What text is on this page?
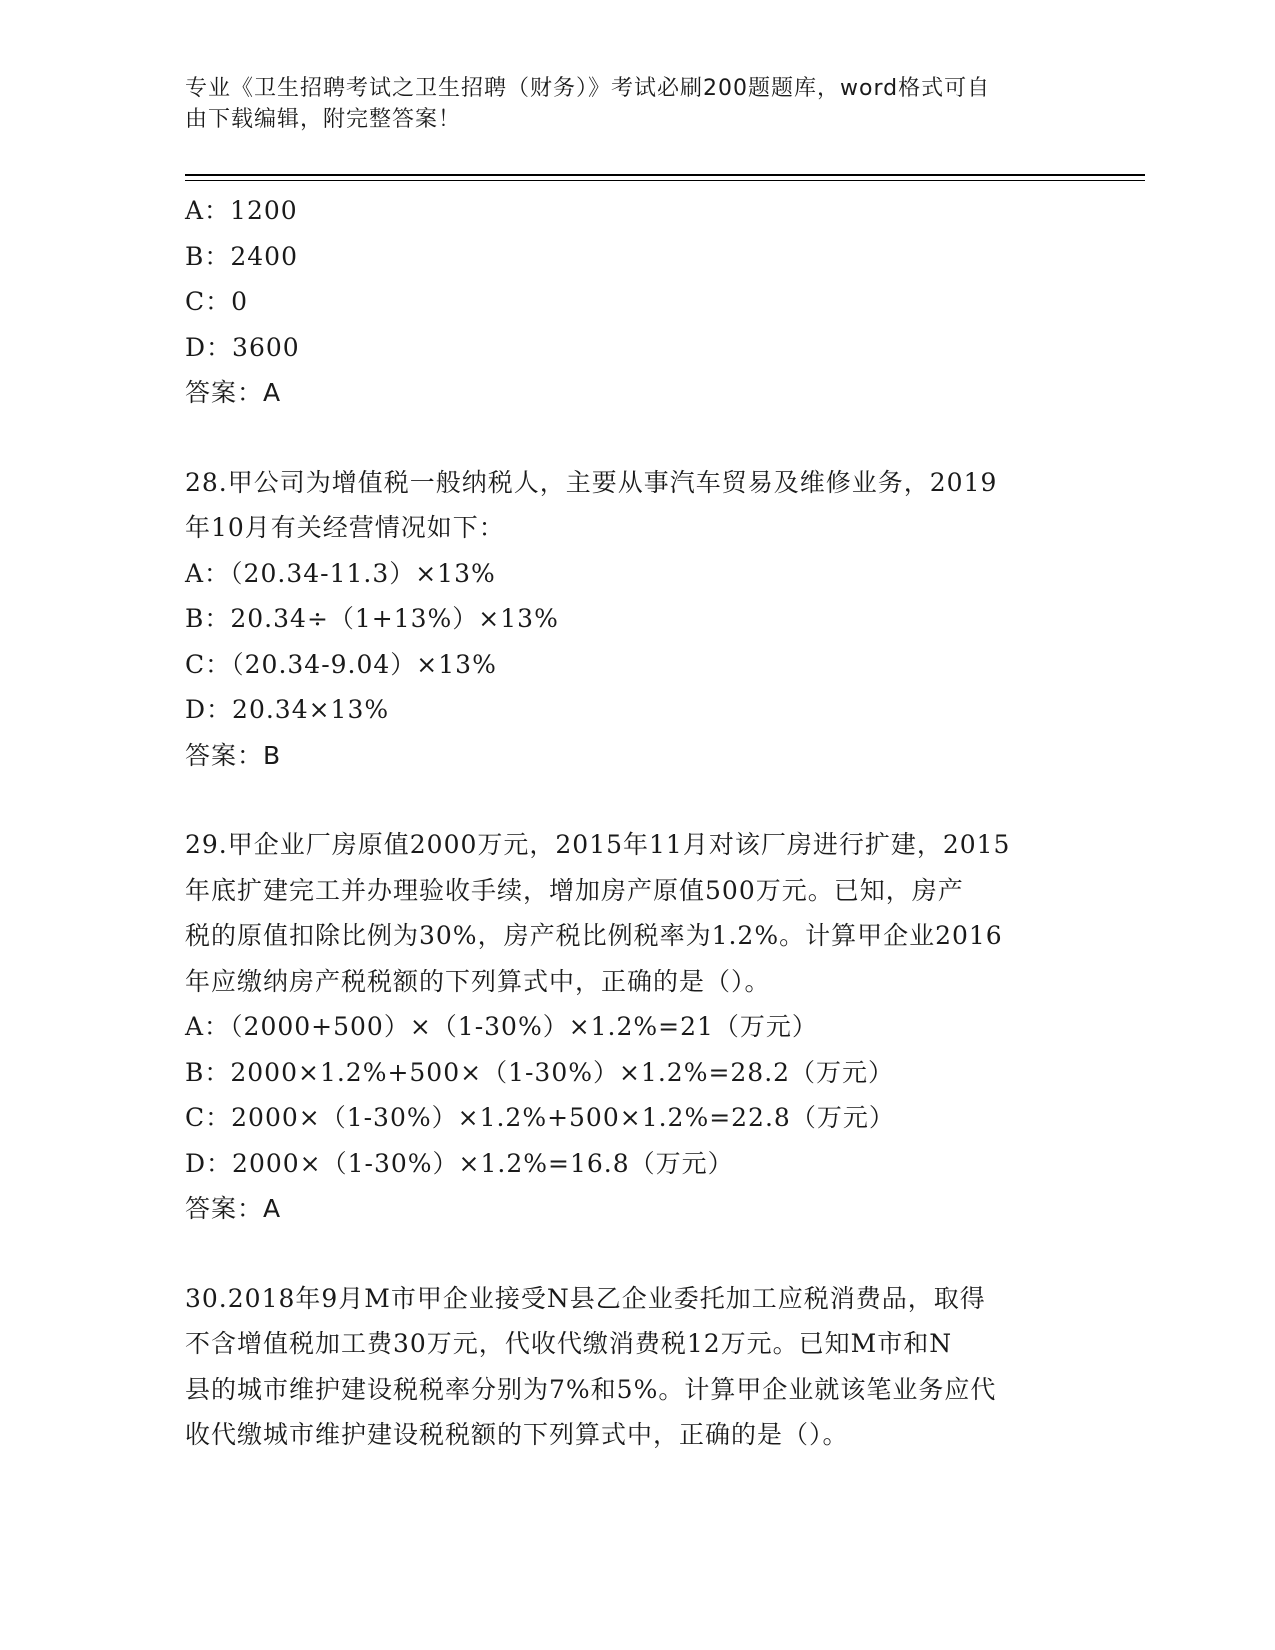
专业《卫生招聘考试之卫生招聘（财务）》考试必刷200题题库，word格式可自
由下载编辑，附完整答案！
A：1200
B：2400
C：0
D：3600
答案：A
28.甲公司为增值税一般纳税人，主要从事汽车贸易及维修业务，2019
年10月有关经营情况如下：
A：（20.34-11.3）×13%
B：20.34÷（1+13%）×13%
C：（20.34-9.04）×13%
D：20.34×13%
答案：B
29.甲企业厂房原值2000万元，2015年11月对该厂房进行扩建，2015
年底扩建完工并办理验收手续，增加房产原值500万元。已知，房产
税的原值扣除比例为30%，房产税比例税率为1.2%。计算甲企业2016
年应缴纳房产税税额的下列算式中，正确的是（）。
A：（2000+500）×（1-30%）×1.2%=21（万元）
B：2000×1.2%+500×（1-30%）×1.2%=28.2（万元）
C：2000×（1-30%）×1.2%+500×1.2%=22.8（万元）
D：2000×（1-30%）×1.2%=16.8（万元）
答案：A
30.2018年9月M市甲企业接受N县乙企业委托加工应税消费品，取得
不含增值税加工费30万元，代收代缴消费税12万元。已知M市和N
县的城市维护建设税税率分别为7%和5%。计算甲企业就该笔业务应代
收代缴城市维护建设税税额的下列算式中，正确的是（）。
